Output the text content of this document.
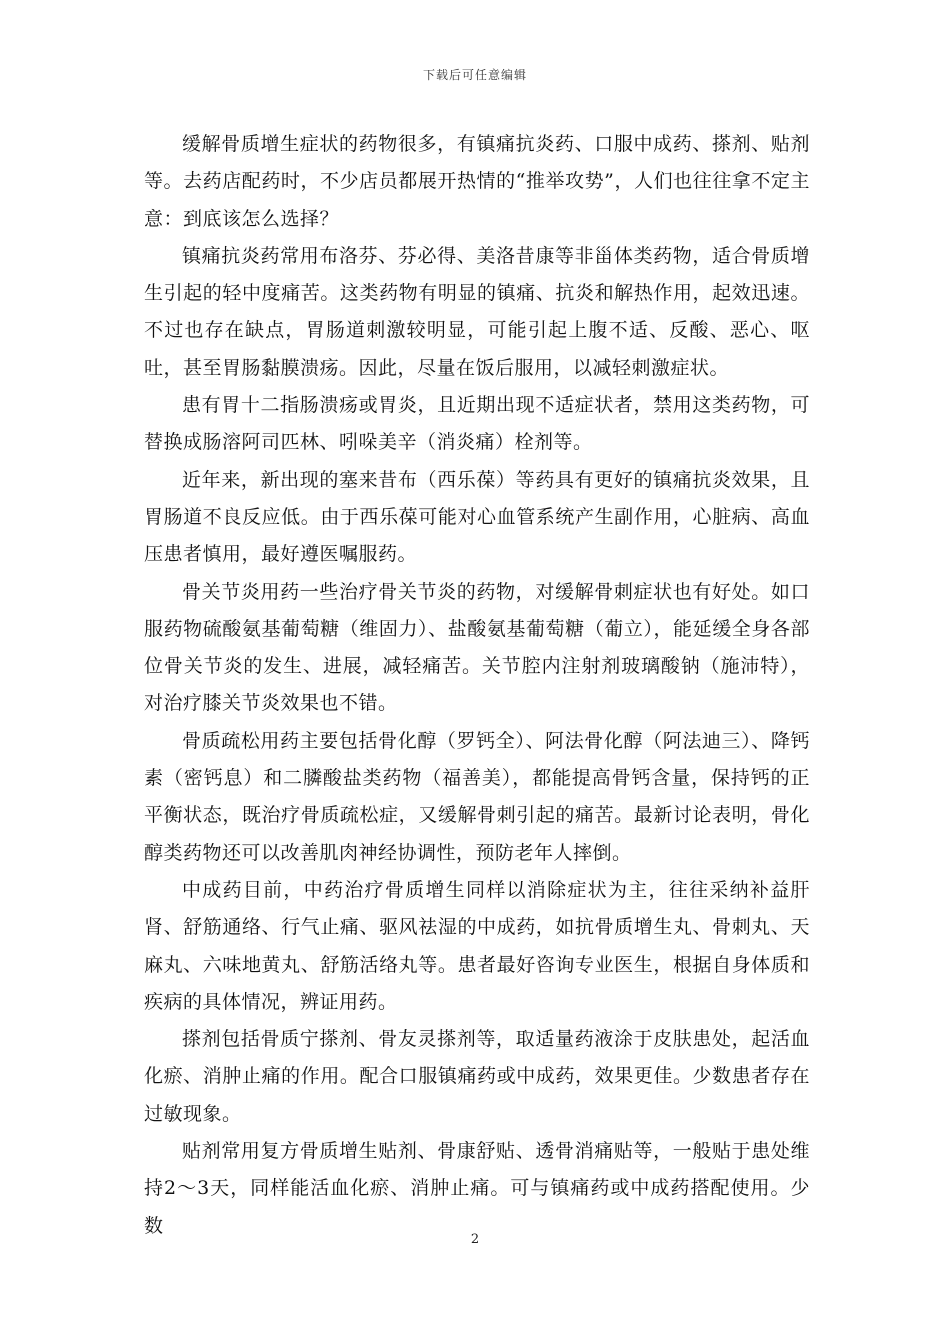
下载后可任意编辑

缓解骨质增生症状的药物很多，有镇痛抗炎药、口服中成药、搽剂、贴剂等。去药店配药时，不少店员都展开热情的“推举攻势”，人们也往往拿不定主意：到底该怎么选择？

镇痛抗炎药常用布洛芬、芬必得、美洛昔康等非甾体类药物，适合骨质增生引起的轻中度痛苦。这类药物有明显的镇痛、抗炎和解热作用，起效迅速。不过也存在缺点，胃肠道刺激较明显，可能引起上腹不适、反酸、恶心、呕吐，甚至胃肠黏膜溃疡。因此，尽量在饭后服用，以减轻刺激症状。

患有胃十二指肠溃疡或胃炎，且近期出现不适症状者，禁用这类药物，可替换成肠溶阿司匹林、吲哚美辛（消炎痛）栓剂等。

近年来，新出现的塞来昔布（西乐葆）等药具有更好的镇痛抗炎效果，且胃肠道不良反应低。由于西乐葆可能对心血管系统产生副作用，心脏病、高血压患者慎用，最好遵医嘱服药。

骨关节炎用药一些治疗骨关节炎的药物，对缓解骨刺症状也有好处。如口服药物硫酸氨基葡萄糖（维固力）、盐酸氨基葡萄糖（葡立），能延缓全身各部位骨关节炎的发生、进展，减轻痛苦。关节腔内注射剂玻璃酸钠（施沛特），对治疗膝关节炎效果也不错。

骨质疏松用药主要包括骨化醇（罗钙全）、阿法骨化醇（阿法迪三）、降钙素（密钙息）和二膦酸盐类药物（福善美），都能提高骨钙含量，保持钙的正平衡状态，既治疗骨质疏松症，又缓解骨刺引起的痛苦。最新讨论表明，骨化醇类药物还可以改善肌肉神经协调性，预防老年人摔倒。

中成药目前，中药治疗骨质增生同样以消除症状为主，往往采纳补益肝肾、舒筋通络、行气止痛、驱风祛湿的中成药，如抗骨质增生丸、骨刺丸、天麻丸、六味地黄丸、舒筋活络丸等。患者最好咨询专业医生，根据自身体质和疾病的具体情况，辨证用药。

搽剂包括骨质宁搽剂、骨友灵搽剂等，取适量药液涂于皮肤患处，起活血化瘀、消肿止痛的作用。配合口服镇痛药或中成药，效果更佳。少数患者存在过敏现象。

贴剂常用复方骨质增生贴剂、骨康舒贴、透骨消痛贴等，一般贴于患处维持2～3天，同样能活血化瘀、消肿止痛。可与镇痛药或中成药搭配使用。少数

2
